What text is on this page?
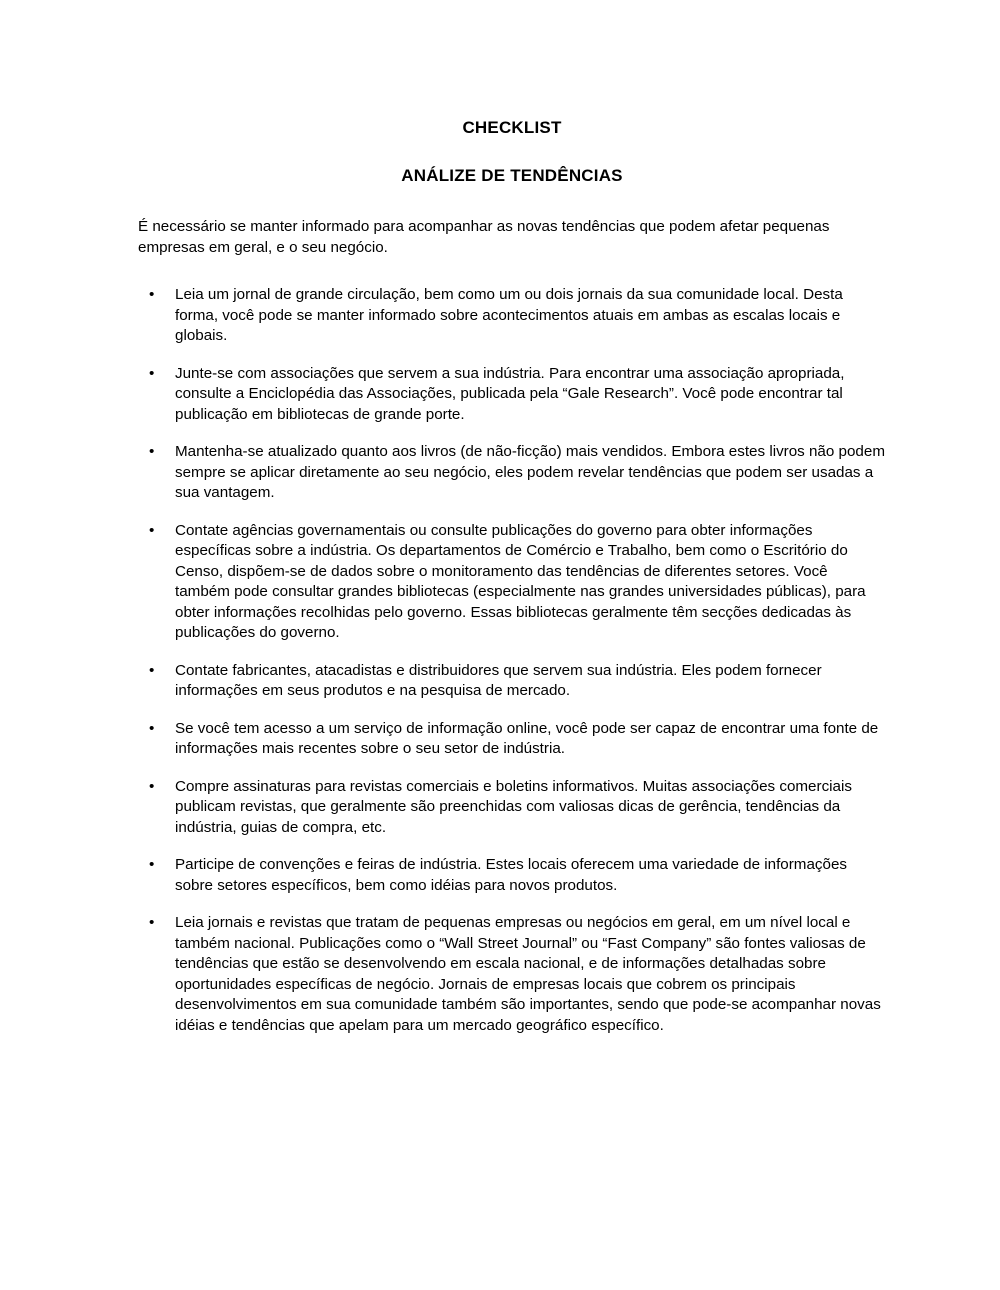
CHECKLIST
ANÁLIZE DE TENDÊNCIAS

É necessário se manter informado para acompanhar as novas tendências que podem afetar pequenas empresas em geral, e o seu negócio.

•	Leia um jornal de grande circulação, bem como um ou dois jornais da sua comunidade local. Desta forma, você pode se manter informado sobre acontecimentos atuais em ambas as escalas locais e globais.
•	Junte-se com associações que servem a sua indústria. Para encontrar uma associação apropriada, consulte a Enciclopédia das Associações, publicada pela “Gale Research”. Você pode encontrar tal publicação em bibliotecas de grande porte.
•	Mantenha-se atualizado quanto aos livros (de não-ficção) mais vendidos. Embora estes livros não podem sempre se aplicar diretamente ao seu negócio, eles podem revelar tendências que podem ser usadas a sua vantagem.
•	Contate agências governamentais ou consulte publicações do governo para obter informações específicas sobre a indústria. Os departamentos de Comércio e Trabalho, bem como o Escritório do Censo, dispõem-se de dados sobre o monitoramento das tendências de diferentes setores. Você também pode consultar grandes bibliotecas (especialmente nas grandes universidades públicas), para obter informações recolhidas pelo governo. Essas bibliotecas geralmente têm secções dedicadas às publicações do governo.
•	Contate fabricantes, atacadistas e distribuidores que servem sua indústria. Eles podem fornecer informações em seus produtos e na pesquisa de mercado.
•	Se você tem acesso a um serviço de informação online, você pode ser capaz de encontrar uma fonte de informações mais recentes sobre o seu setor de indústria.
•	Compre assinaturas para revistas comerciais e boletins informativos. Muitas associações comerciais publicam revistas, que geralmente são preenchidas com valiosas dicas de gerência, tendências da indústria, guias de compra, etc.
•	Participe de convenções e feiras de indústria. Estes locais oferecem uma variedade de informações sobre setores específicos, bem como idéias para novos produtos.
•	Leia jornais e revistas que tratam de pequenas empresas ou negócios em geral, em um nível local e também nacional. Publicações como o “Wall Street Journal” ou “Fast Company” são fontes valiosas de tendências que estão se desenvolvendo em escala nacional, e de informações detalhadas sobre oportunidades específicas de negócio. Jornais de empresas locais que cobrem os principais desenvolvimentos em sua comunidade também são importantes, sendo que pode-se acompanhar novas idéias e tendências que apelam para um mercado geográfico específico.
